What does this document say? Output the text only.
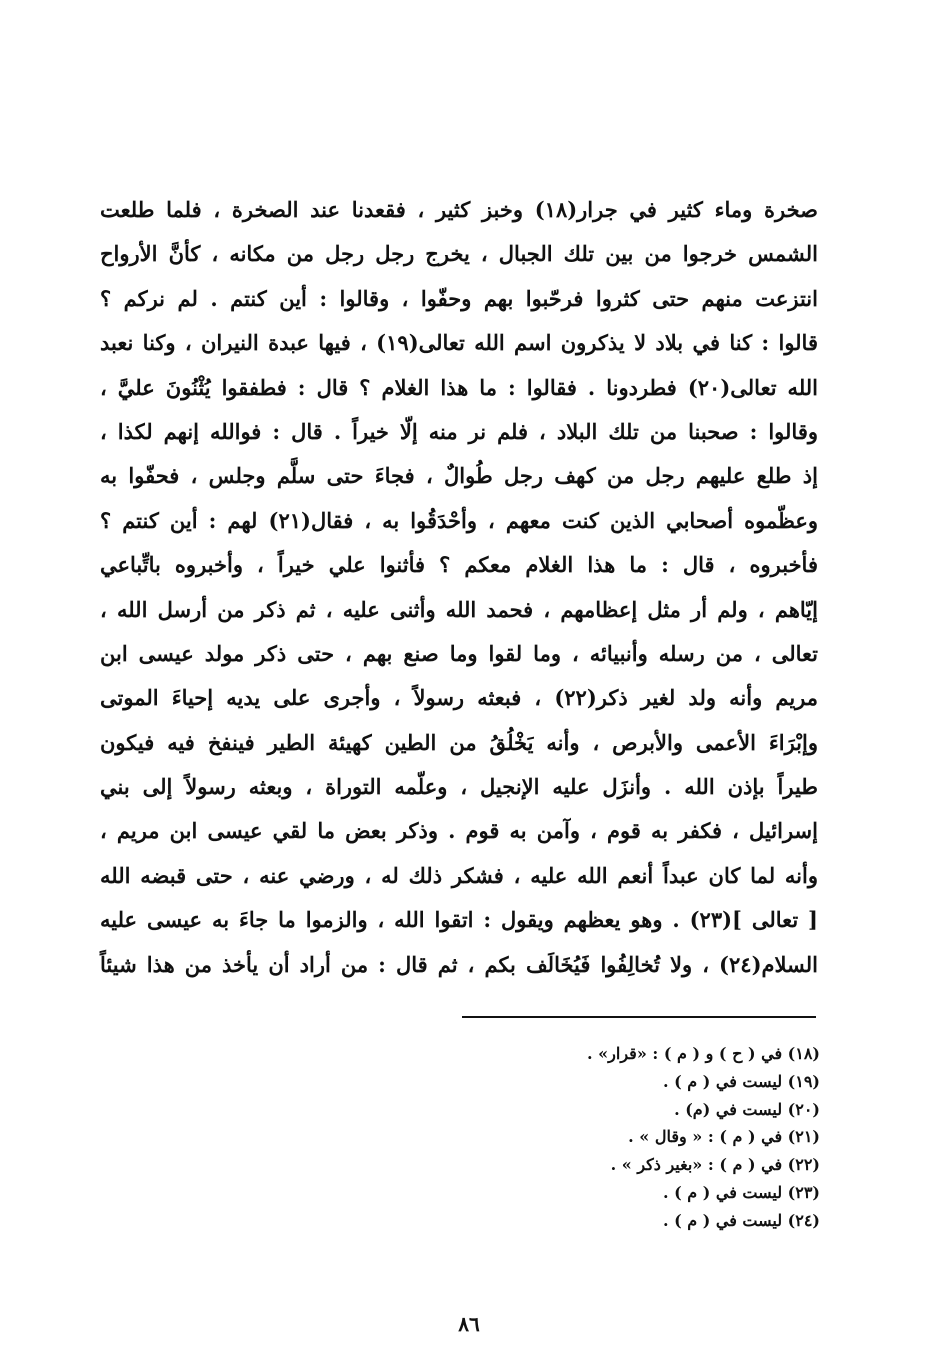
صخرة وماء كثير في جرار(١٨) وخبز كثير ، فقعدنا عند الصخرة ، فلما طلعت
الشمس خرجوا من بين تلك الجبال ، يخرج رجل رجل من مكانه ، كأنَّ الأرواح
انتزعت منهم حتى كثروا فرحّبوا بهم وحفّوا ، وقالوا : أين كنتم . لم نركم ؟
قالوا : كنا في بلاد لا يذكرون اسم الله تعالى(١٩) ، فيها عبدة النيران ، وكنا نعبد
الله تعالى(٢٠) فطردونا . فقالوا : ما هذا الغلام ؟ قال : فطفقوا يُثْنُونَ عليَّ ،
وقالوا : صحبنا من تلك البلاد ، فلم نر منه إلّا خيراً . قال : فوالله إنهم لكذا ،
إذ طلع عليهم رجل من كهف رجل طُوالٌ ، فجاءَ حتى سلَّم وجلس ، فحفّوا به
وعظّموه أصحابي الذين كنت معهم ، وأحْدَقُوا به ، فقال(٢١) لهم : أين كنتم ؟
فأخبروه ، قال : ما هذا الغلام معكم ؟ فأثنوا علي خيراً ، وأخبروه باتِّباعي
إيّاهم ، ولم أر مثل إعظامهم ، فحمد الله وأثنى عليه ، ثم ذكر من أرسل الله ،
تعالى ، من رسله وأنبيائه ، وما لقوا وما صنع بهم ، حتى ذكر مولد عيسى ابن
مريم وأنه ولد لغير ذكر(٢٢) ، فبعثه رسولاً ، وأجرى على يديه إحياءَ الموتى
وإبْرَاءَ الأعمى والأبرص ، وأنه يَخْلُقُ من الطين كهيئة الطير فينفخ فيه فيكون
طيراً بإذن الله . وأنزَل عليه الإنجيل ، وعلّمه التوراة ، وبعثه رسولاً إلى بني
إسرائيل ، فكفر به قوم ، وآمن به قوم . وذكر بعض ما لقي عيسى ابن مريم ،
وأنه لما كان عبداً أنعم الله عليه ، فشكر ذلك له ، ورضي عنه ، حتى قبضه الله
[ تعالى ](٢٣) . وهو يعظهم ويقول : اتقوا الله ، والزموا ما جاءَ به عيسى عليه
السلام(٢٤) ، ولا تُخالِفُوا فَيُخَالَف بكم ، ثم قال : من أراد أن يأخذ من هذا شيئاً
(١٨) في ( ح ) و ( م ) : «قرار» .
(١٩) ليست في ( م ) .
(٢٠) ليست في (م) .
(٢١) في ( م ) : « وقال » .
(٢٢) في ( م ) : «بغير ذكر » .
(٢٣) ليست في ( م ) .
(٢٤) ليست في ( م ) .
٨٦
